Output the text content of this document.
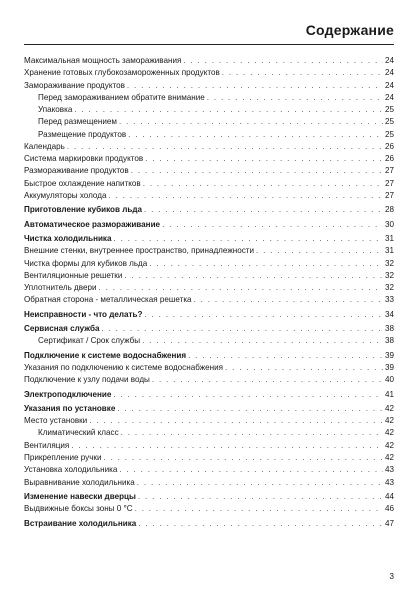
Содержание
Максимальная мощность замораживания . . .	24
Хранение готовых глубокозамороженных продуктов . . .	24
Замораживание продуктов . . .	24
Перед замораживанием обратите внимание . . .	24
Упаковка . . .	25
Перед размещением . . .	25
Размещение продуктов . . .	25
Календарь . . .	26
Система маркировки продуктов . . .	26
Размораживание продуктов . . .	27
Быстрое охлаждение напитков . . .	27
Аккумуляторы холода . . .	27
Приготовление кубиков льда . . .	28
Автоматическое размораживание . . .	30
Чистка холодильника . . .	31
Внешние стенки, внутреннее пространство, принадлежности . . .	31
Чистка формы для кубиков льда . . .	32
Вентиляционные решетки . . .	32
Уплотнитель двери . . .	32
Обратная сторона - металлическая решетка . . .	33
Неисправности - что делать? . . .	34
Сервисная служба . . .	38
Сертификат / Срок службы . . .	38
Подключение к системе водоснабжения . . .	39
Указания по подключению к системе водоснабжения . . .	39
Подключение к узлу подачи воды . . .	40
Электроподключение . . .	41
Указания по установке . . .	42
Место установки . . .	42
Климатический класс . . .	42
Вентиляция . . .	42
Прикрепление ручки . . .	42
Установка холодильника . . .	43
Выравнивание холодильника . . .	43
Изменение навески дверцы . . .	44
Выдвижные боксы зоны 0 °C . . .	46
Встраивание холодильника . . .	47
3
